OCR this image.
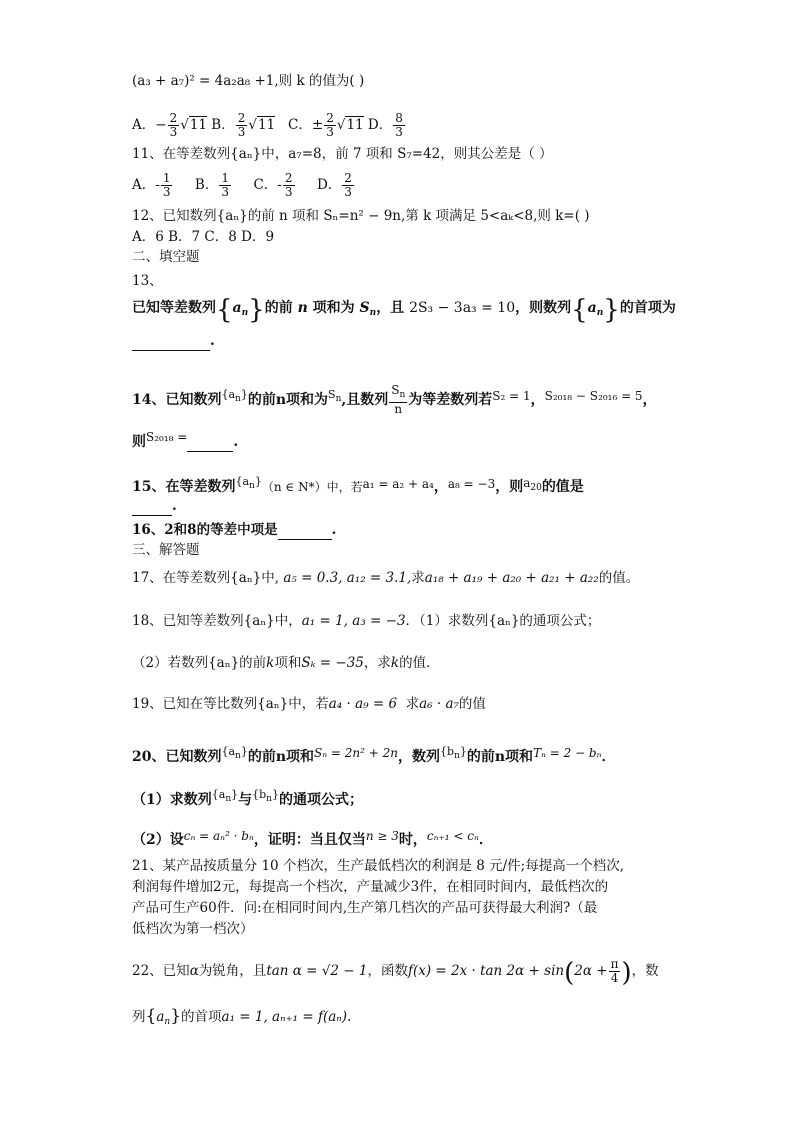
(a₃ + a₇)² = 4a₂a₈ +1,则 k 的值为( )
A．− $\frac{2}{3} √11$ B． $\frac{2}{3} √11$ C．± $\frac{2}{3} √11$ D． $\frac{8}{3}$
11、在等差数列{aₙ}中，a₇=8，前 7 项和 S₇=42，则其公差是（ ）
A．- $\frac{1}{3}$ B． $\frac{1}{3}$ C．- $\frac{2}{3}$ D． $\frac{2}{3}$
12、已知数列{aₙ}的前 n 项和 Sₙ=n² − 9n,第 k 项满足 5<aₖ<8,则 k=( )
A．6 B．7 C．8 D．9
二、填空题
13、
已知等差数列$\{a_n\}$的前 n 项和为 $S_n$，且 2S₃ − 3a₃ = 10，则数列$\{a_n\}$的首项为
.
14、已知数列$^{\{a_n\}}$的前n项和为$^{S_n}$,且数列 $\frac{S_n}{n}$ 为等差数列若S₂ = 1，S₂₀₁₈ − S₂₀₁₆ = 5，
则S₂₀₁₈ =	.
15、在等差数列$^{\{a_n\}}$（n ∈ N*）中，若a₁ = a₂ + a₄，a₈ = −3，则$a_{20}$的值是
.
16、2和8的等差中项是	.
三、解答题
17、在等差数列{aₙ}中, a₅ = 0.3, a₁₂ = 3.1,求a₁₈ + a₁₉ + a₂₀ + a₂₁ + a₂₂的值。
18、已知等差数列{aₙ}中，a₁ = 1, a₃ = −3．（1）求数列{aₙ}的通项公式；
（2）若数列{aₙ}的前k项和Sₖ = −35，求k的值．
19、已知在等比数列{aₙ}中，若a₄ · a₉ = 6 求a₆ · a₇的值
20、已知数列$^{\{a_n\}}$的前n项和Sₙ = 2n² + 2n，数列$^{\{b_n\}}$的前n项和Tₙ = 2 − bₙ．
（1）求数列$^{\{a_n\}}$与$^{\{b_n\}}$的通项公式；
（2）设cₙ = aₙ² · bₙ，证明：当且仅当n ≥ 3时，cₙ₊₁ < cₙ．
21、某产品按质量分 10 个档次，生产最低档次的利润是 8 元/件;每提高一个档次,
利润每件增加2元，每提高一个档次，产量减少3件，在相同时间内，最低档次的
产品可生产60件．问:在相同时间内,生产第几档次的产品可获得最大利润?（最
低档次为第一档次）
22、已知α为锐角，且tan α = √2 − 1，函数$f(x) = 2x \cdot \tan 2\alpha + \sin(2\alpha + \frac{\pi}{4}$ )，数
列$\{a_n\}$的首项a₁ = 1, aₙ₊₁ = f(aₙ).
